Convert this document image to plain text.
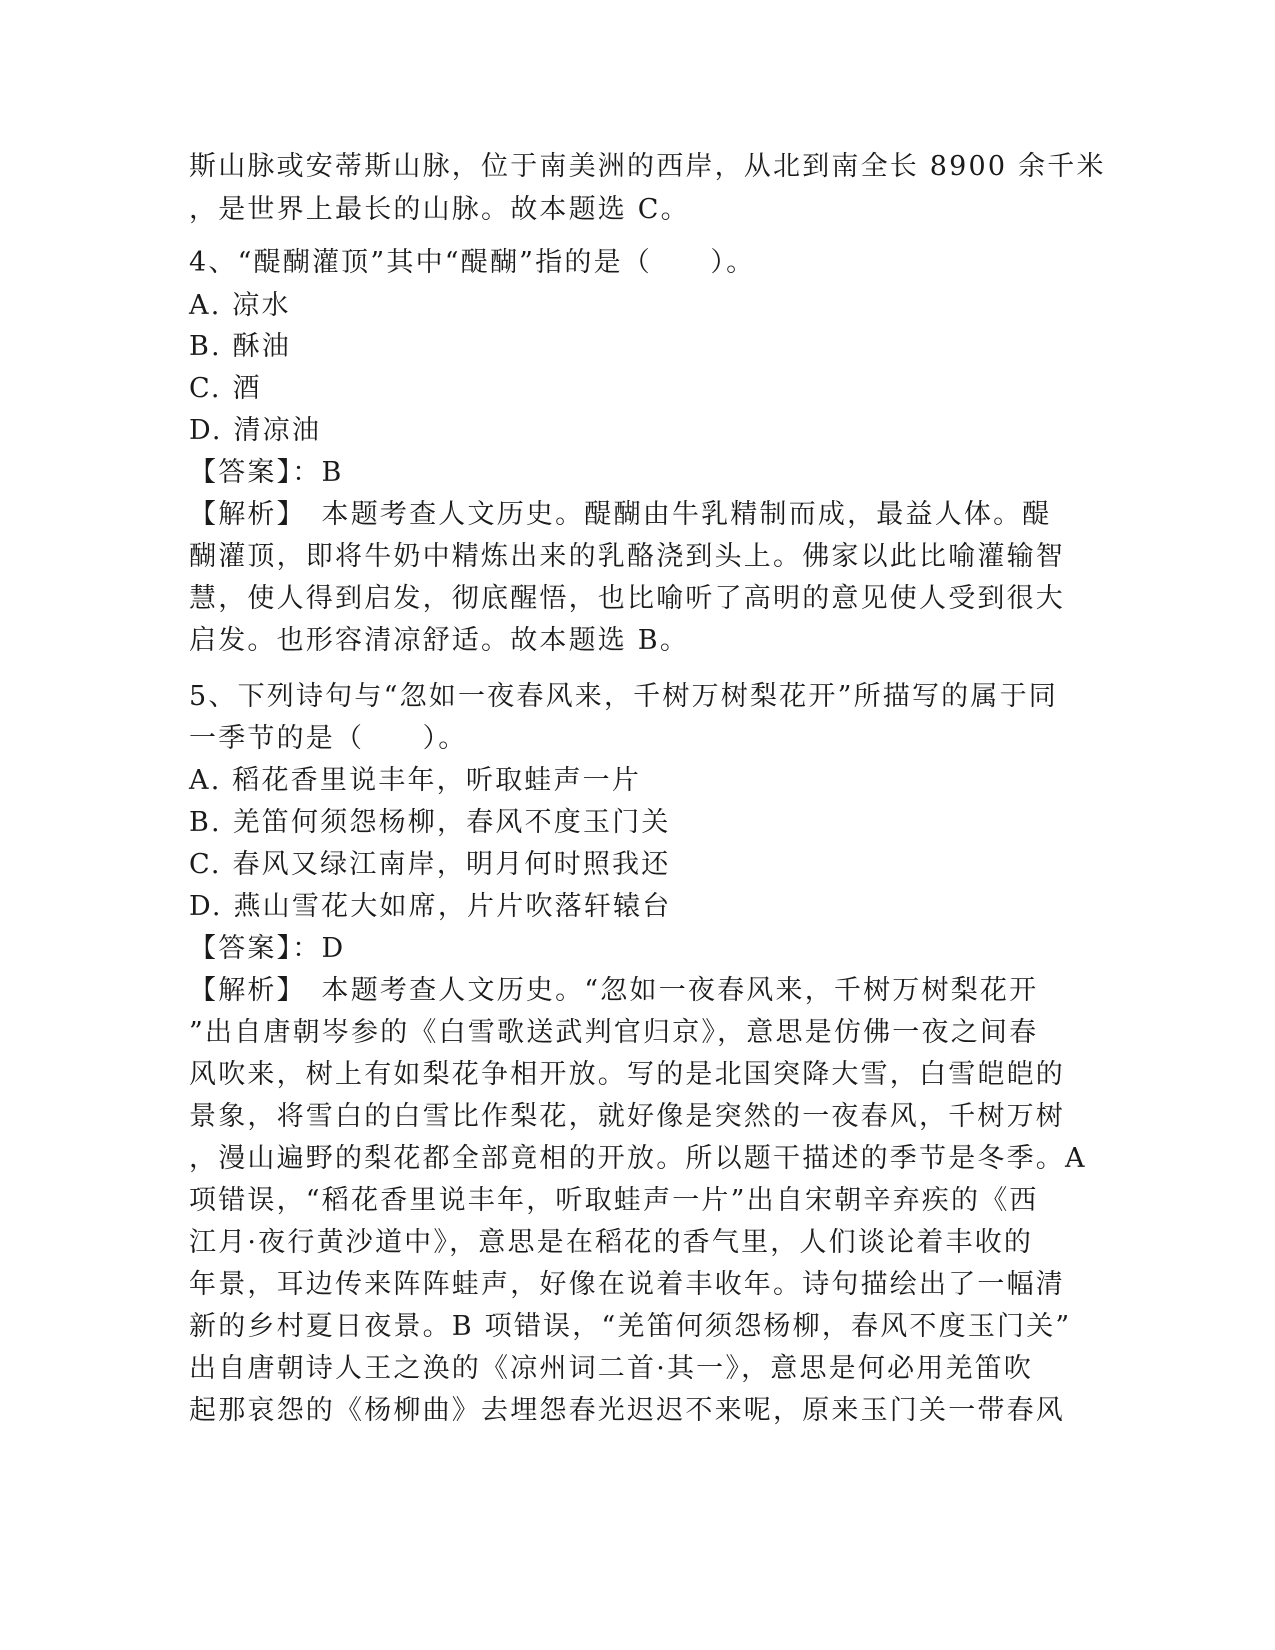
斯山脉或安蒂斯山脉，位于南美洲的西岸，从北到南全长 8900 余千米
，是世界上最长的山脉。故本题选 C。
4、“醍醐灌顶”其中“醍醐”指的是（　　）。
A. 凉水
B. 酥油
C. 酒
D. 清凉油
【答案】：B
【解析】　本题考查人文历史。醍醐由牛乳精制而成，最益人体。醍
醐灌顶，即将牛奶中精炼出来的乳酪浇到头上。佛家以此比喻灌输智
慧，使人得到启发，彻底醒悟，也比喻听了高明的意见使人受到很大
启发。也形容清凉舒适。故本题选 B。
5、下列诗句与“忽如一夜春风来，千树万树梨花开”所描写的属于同
一季节的是（　　）。
A. 稻花香里说丰年，听取蛙声一片
B. 羌笛何须怨杨柳，春风不度玉门关
C. 春风又绿江南岸，明月何时照我还
D. 燕山雪花大如席，片片吹落轩辕台
【答案】：D
【解析】　本题考查人文历史。“忽如一夜春风来，千树万树梨花开
”出自唐朝岑参的《白雪歌送武判官归京》，意思是仿佛一夜之间春
风吹来，树上有如梨花争相开放。写的是北国突降大雪，白雪皑皑的
景象，将雪白的白雪比作梨花，就好像是突然的一夜春风，千树万树
，漫山遍野的梨花都全部竟相的开放。所以题干描述的季节是冬季。A
项错误，“稻花香里说丰年，听取蛙声一片”出自宋朝辛弃疾的《西
江月·夜行黄沙道中》，意思是在稻花的香气里，人们谈论着丰收的
年景，耳边传来阵阵蛙声，好像在说着丰收年。诗句描绘出了一幅清
新的乡村夏日夜景。B 项错误，“羌笛何须怨杨柳，春风不度玉门关”
出自唐朝诗人王之涣的《凉州词二首·其一》，意思是何必用羌笛吹
起那哀怨的《杨柳曲》去埋怨春光迟迟不来呢，原来玉门关一带春风
